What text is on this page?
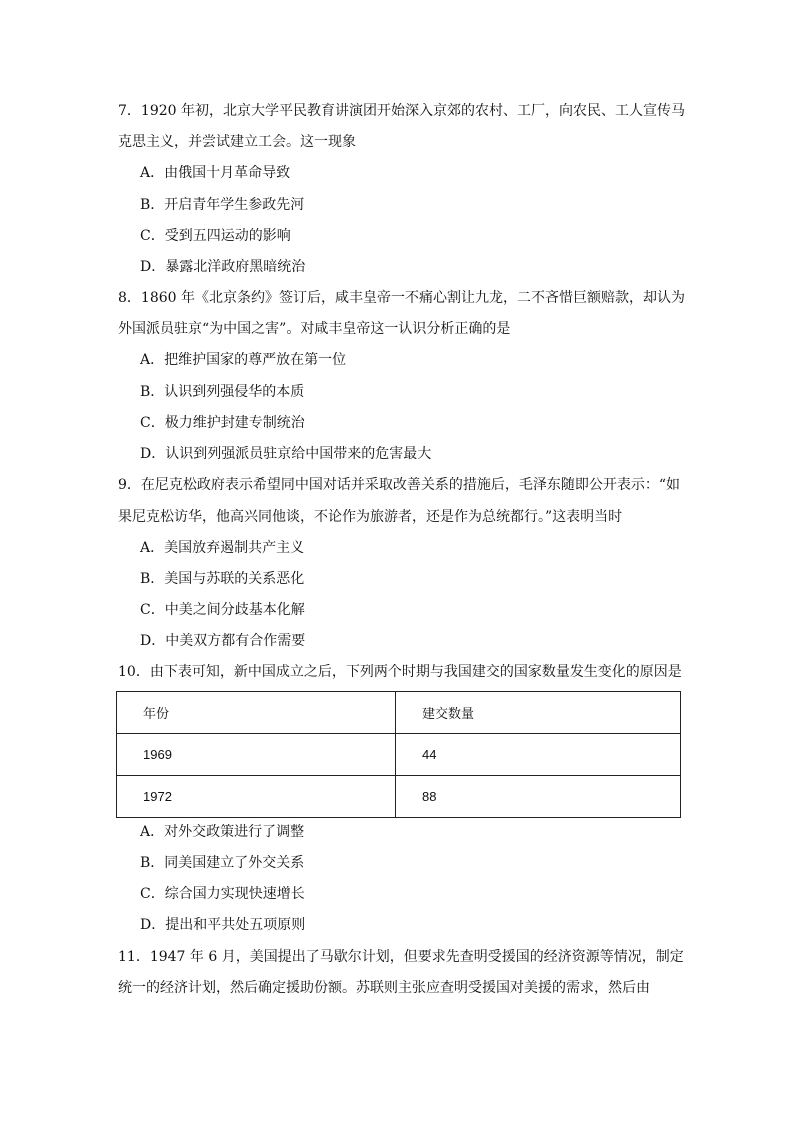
7．1920 年初，北京大学平民教育讲演团开始深入京郊的农村、工厂，向农民、工人宣传马
克思主义，并尝试建立工会。这一现象
A．由俄国十月革命导致
B．开启青年学生参政先河
C．受到五四运动的影响
D．暴露北洋政府黑暗统治
8．1860 年《北京条约》签订后，咸丰皇帝一不痛心割让九龙，二不吝惜巨额赔款，却认为
外国派员驻京“为中国之害”。对咸丰皇帝这一认识分析正确的是
A．把维护国家的尊严放在第一位
B．认识到列强侵华的本质
C．极力维护封建专制统治
D．认识到列强派员驻京给中国带来的危害最大
9．在尼克松政府表示希望同中国对话并采取改善关系的措施后，毛泽东随即公开表示：“如
果尼克松访华，他高兴同他谈，不论作为旅游者，还是作为总统都行。”这表明当时
A．美国放弃遏制共产主义
B．美国与苏联的关系恶化
C．中美之间分歧基本化解
D．中美双方都有合作需要
10．由下表可知，新中国成立之后，下列两个时期与我国建交的国家数量发生变化的原因是
年份	建交数量
1969	44
1972	88
A．对外交政策进行了调整
B．同美国建立了外交关系
C．综合国力实现快速增长
D．提出和平共处五项原则
11．1947 年 6 月，美国提出了马歇尔计划，但要求先查明受援国的经济资源等情况，制定
统一的经济计划，然后确定援助份额。苏联则主张应查明受援国对美援的需求，然后由
